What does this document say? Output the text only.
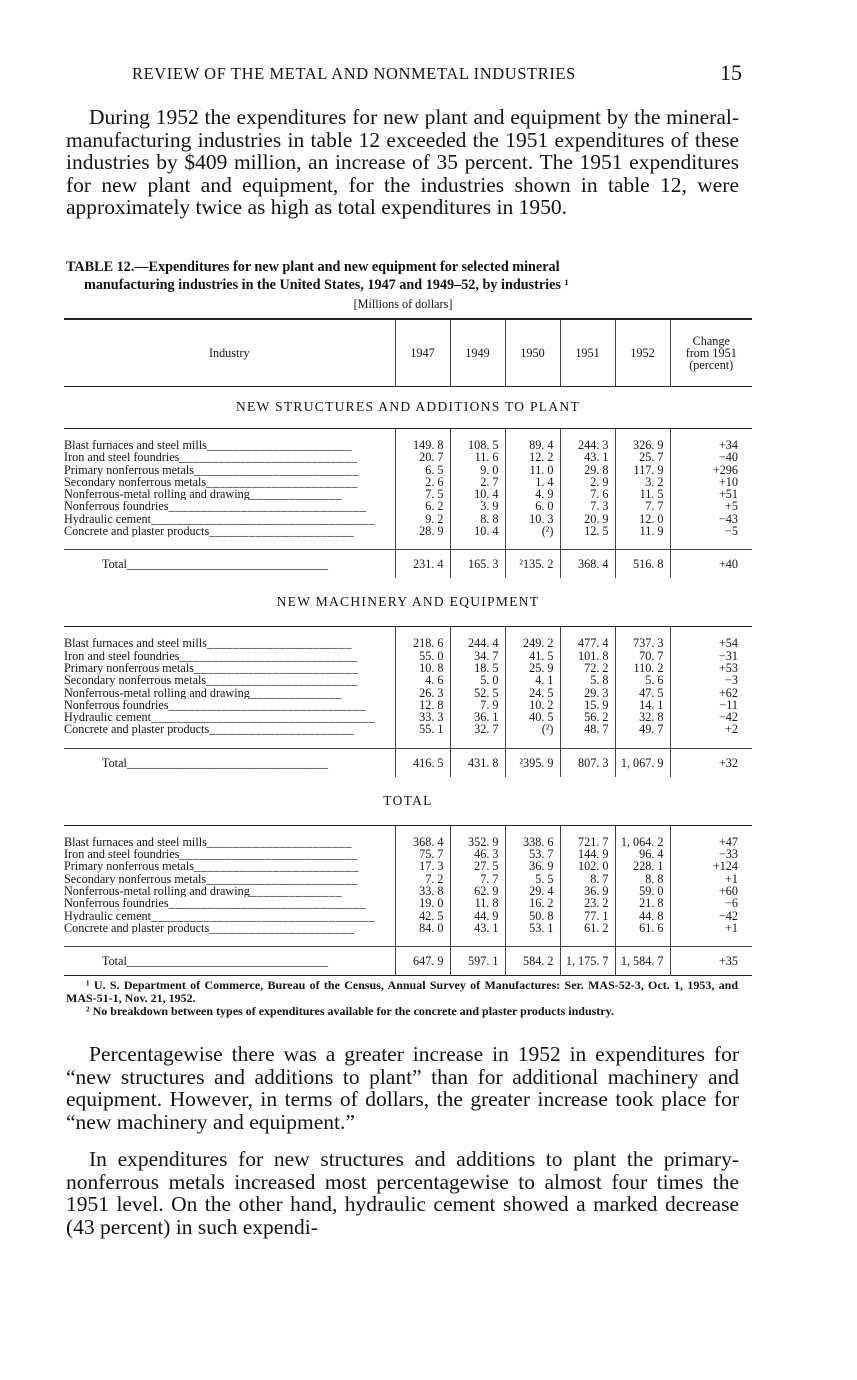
REVIEW OF THE METAL AND NONMETAL INDUSTRIES	15

During 1952 the expenditures for new plant and equipment by the mineral-manufacturing industries in table 12 exceeded the 1951 expenditures of these industries by $409 million, an increase of 35 percent. The 1951 expenditures for new plant and equipment, for the industries shown in table 12, were approximately twice as high as total expenditures in 1950.

TABLE 12.—Expenditures for new plant and new equipment for selected mineral
manufacturing industries in the United States, 1947 and 1949–52, by industries ¹

[Millions of dollars]
Industry	1947	1949	1950	1951	1952	Change
from 1951
(percent)
NEW STRUCTURES AND ADDITIONS TO PLANT						

Blast furnaces and steel mills______________________	149. 8	108. 5	89. 4	244. 3	326. 9	+34
Iron and steel foundries___________________________	20. 7	11. 6	12. 2	43. 1	25. 7	−40
Primary nonferrous metals_________________________	6. 5	9. 0	11. 0	29. 8	117. 9	+296
Secondary nonferrous metals_______________________	2. 6	2. 7	1. 4	2. 9	3. 2	+10
Nonferrous-metal rolling and drawing______________	7. 5	10. 4	4. 9	7. 6	11. 5	+51
Nonferrous foundries______________________________	6. 2	3. 9	6. 0	7. 3	7. 7	+5
Hydraulic cement__________________________________	9. 2	8. 8	10. 3	20. 9	12. 0	−43
Concrete and plaster products______________________	28. 9	10. 4	(²)	12. 5	11. 9	−5

Total_________________________________	231. 4	165. 3	²135. 2	368. 4	516. 8	+40
NEW MACHINERY AND EQUIPMENT						

Blast furnaces and steel mills______________________	218. 6	244. 4	249. 2	477. 4	737. 3	+54
Iron and steel foundries___________________________	55. 0	34. 7	41. 5	101. 8	70. 7	−31
Primary nonferrous metals_________________________	10. 8	18. 5	25. 9	72. 2	110. 2	+53
Secondary nonferrous metals_______________________	4. 6	5. 0	4. 1	5. 8	5. 6	−3
Nonferrous-metal rolling and drawing______________	26. 3	52. 5	24. 5	29. 3	47. 5	+62
Nonferrous foundries______________________________	12. 8	7. 9	10. 2	15. 9	14. 1	−11
Hydraulic cement__________________________________	33. 3	36. 1	40. 5	56. 2	32. 8	−42
Concrete and plaster products______________________	55. 1	32. 7	(²)	48. 7	49. 7	+2

Total_________________________________	416. 5	431. 8	²395. 9	807. 3	1, 067. 9	+32
TOTAL						

Blast furnaces and steel mills______________________	368. 4	352. 9	338. 6	721. 7	1, 064. 2	+47
Iron and steel foundries___________________________	75. 7	46. 3	53. 7	144. 9	96. 4	−33
Primary nonferrous metals_________________________	17. 3	27. 5	36. 9	102. 0	228. 1	+124
Secondary nonferrous metals_______________________	7. 2	7. 7	5. 5	8. 7	8. 8	+1
Nonferrous-metal rolling and drawing______________	33. 8	62. 9	29. 4	36. 9	59. 0	+60
Nonferrous foundries______________________________	19. 0	11. 8	16. 2	23. 2	21. 8	−6
Hydraulic cement__________________________________	42. 5	44. 9	50. 8	77. 1	44. 8	−42
Concrete and plaster products______________________	84. 0	43. 1	53. 1	61. 2	61. 6	+1

Total_________________________________	647. 9	597. 1	584. 2	1, 175. 7	1, 584. 7	+35

¹ U. S. Department of Commerce, Bureau of the Census, Annual Survey of Manufactures: Ser. MAS-52-3, Oct. 1, 1953, and MAS-51-1, Nov. 21, 1952.

² No breakdown between types of expenditures available for the concrete and plaster products industry.

Percentagewise there was a greater increase in 1952 in expenditures for “new structures and additions to plant” than for additional machinery and equipment. However, in terms of dollars, the greater increase took place for “new machinery and equipment.”

In expenditures for new structures and additions to plant the primary-nonferrous metals increased most percentagewise to almost four times the 1951 level. On the other hand, hydraulic cement showed a marked decrease (43 percent) in such expendi-
